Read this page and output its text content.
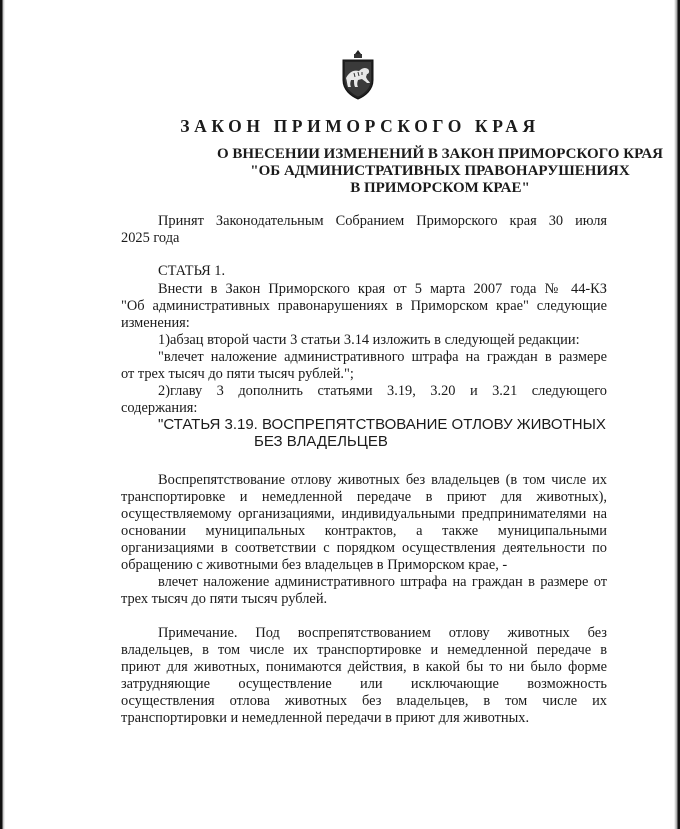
ЗАКОН ПРИМОРСКОГО КРАЯ
О ВНЕСЕНИИ ИЗМЕНЕНИЙ В ЗАКОН ПРИМОРСКОГО КРАЯ
"ОБ АДМИНИСТРАТИВНЫХ ПРАВОНАРУШЕНИЯХ
В ПРИМОРСКОМ КРАЕ"
Принят Законодательным Собранием Приморского края 30 июля
2025 года
СТАТЬЯ 1.
Внести в Закон Приморского края от 5 марта 2007 года № 44-КЗ
"Об административных правонарушениях в Приморском крае" следующие
изменения:
1)абзац второй части 3 статьи 3.14 изложить в следующей редакции:
"влечет наложение административного штрафа на граждан в размере
от трех тысяч до пяти тысяч рублей.";
2)главу 3 дополнить статьями 3.19, 3.20 и 3.21 следующего
содержания:
"СТАТЬЯ 3.19. ВОСПРЕПЯТСТВОВАНИЕ ОТЛОВУ ЖИВОТНЫХ
БЕЗ ВЛАДЕЛЬЦЕВ
Воспрепятствование отлову животных без владельцев (в том числе их
транспортировке и немедленной передаче в приют для животных),
осуществляемому организациями, индивидуальными предпринимателями на
основании муниципальных контрактов, а также муниципальными
организациями в соответствии с порядком осуществления деятельности по
обращению с животными без владельцев в Приморском крае, -
влечет наложение административного штрафа на граждан в размере от
трех тысяч до пяти тысяч рублей.
Примечание. Под воспрепятствованием отлову животных без
владельцев, в том числе их транспортировке и немедленной передаче в
приют для животных, понимаются действия, в какой бы то ни было форме
затрудняющие осуществление или исключающие возможность
осуществления отлова животных без владельцев, в том числе их
транспортировки и немедленной передачи в приют для животных.
